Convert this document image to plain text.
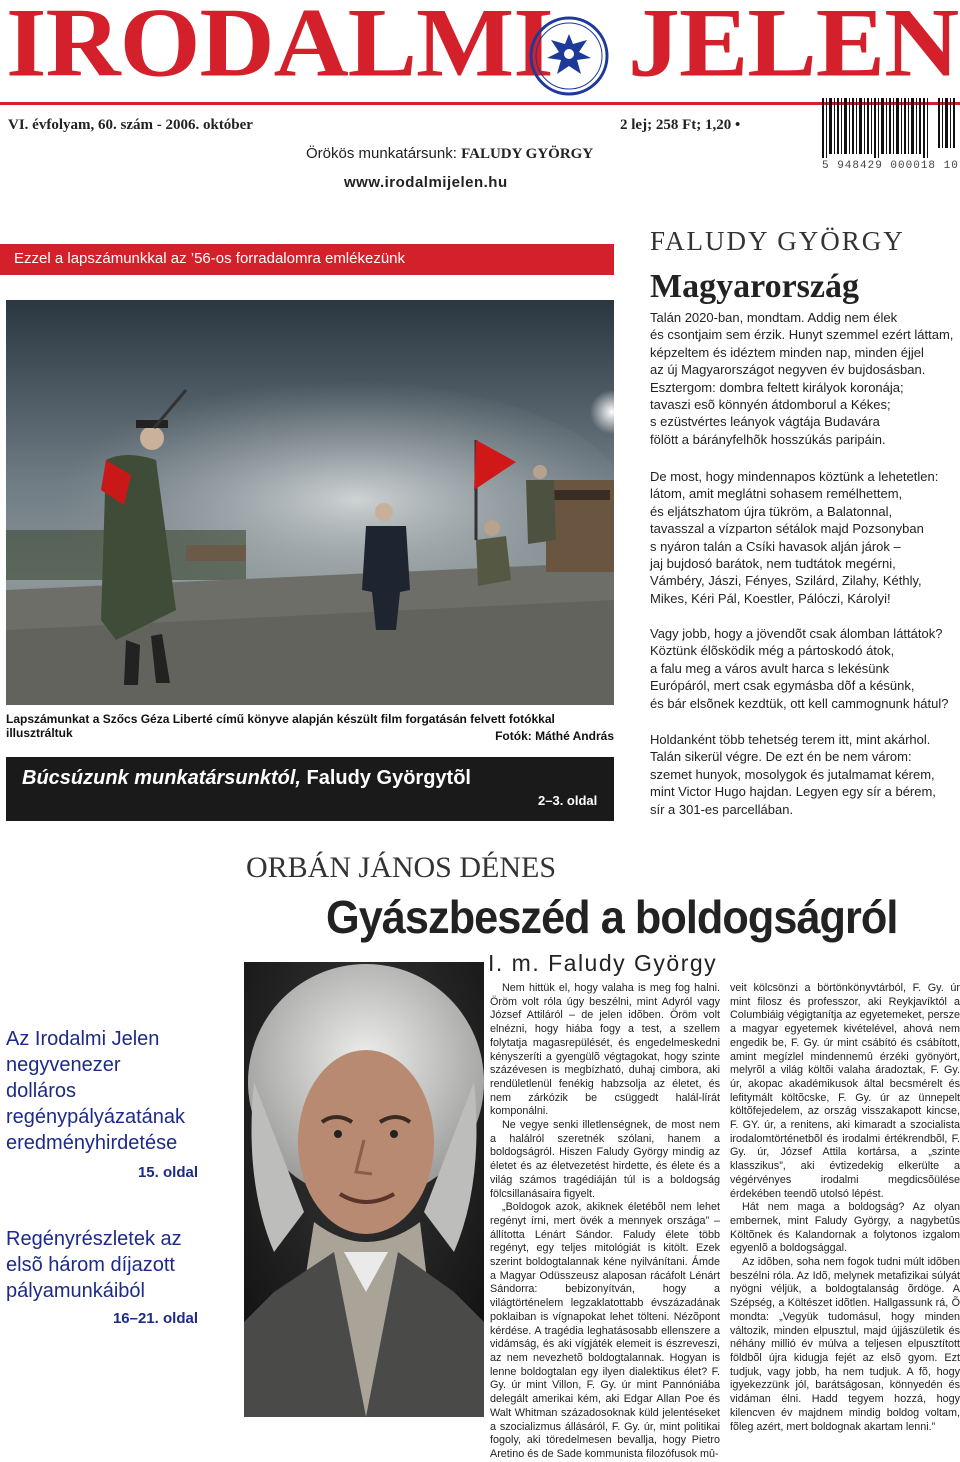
IRODALMI JELEN
VI. évfolyam, 60. szám - 2006. október	2 lej; 258 Ft; 1,20 •
Örökös munkatársunk: FALUDY GYÖRGY
www.irodalmijelen.hu
5 948429 000018 10
Ezzel a lapszámunkkal az ’56-os forradalomra emlékezünk
Lapszámunkat a Szőcs Géza Liberté című könyve alapján készült film forgatásán felvett fotókkal illusztráltuk	Fotók: Máthé András
Búcsúzunk munkatársunktól, Faludy Györgytõl
2–3. oldal
FALUDY GYÖRGY
Magyarország
Talán 2020-ban, mondtam. Addig nem élek
és csontjaim sem érzik. Hunyt szemmel ezért láttam,
képzeltem és idéztem minden nap, minden éjjel
az új Magyarországot negyven év bujdosásban.
Esztergom: dombra feltett királyok koronája;
tavaszi esõ könnyén átdomborul a Kékes;
s ezüstvértes leányok vágtája Budavára
fölött a bárányfelhõk hosszúkás paripáin.
De most, hogy mindennapos köztünk a lehetetlen:
látom, amit meglátni sohasem remélhettem,
és eljátszhatom újra tükröm, a Balatonnal,
tavasszal a vízparton sétálok majd Pozsonyban
s nyáron talán a Csíki havasok alján járok –
jaj bujdosó barátok, nem tudtátok megérni,
Vámbéry, Jászi, Fényes, Szilárd, Zilahy, Kéthly,
Mikes, Kéri Pál, Koestler, Pálóczi, Károlyi!
Vagy jobb, hogy a jövendõt csak álomban láttátok?
Köztünk élõsködik még a pártoskodó átok,
a falu meg a város avult harca s lekésünk
Európáról, mert csak egymásba dõf a késünk,
és bár elsõnek kezdtük, ott kell cammognunk hátul?
Holdanként több tehetség terem itt, mint akárhol.
Talán sikerül végre. De ezt én be nem várom:
szemet hunyok, mosolygok és jutalmamat kérem,
mint Victor Hugo hajdan. Legyen egy sír a bérem,
sír a 301-es parcellában.
ORBÁN JÁNOS DÉNES
Gyászbeszéd a boldogságról
I. m. Faludy György

Nem hittük el, hogy valaha is meg fog halni. Öröm volt róla úgy beszélni, mint Adyról vagy József Attiláról – de jelen idõben. Öröm volt elnézni, hogy hiába fogy a test, a szellem folytatja magasrepülését, és engedelmeskedni kényszeríti a gyengülõ végtagokat, hogy szinte százévesen is megbízható, duhaj cimbora, aki rendületlenül fenékig habzsolja az életet, és nem zárkózik be csüggedt halál-lírát komponálni.

Ne vegye senki illetlenségnek, de most nem a halálról szeretnék szólani, hanem a boldogságról. Hiszen Faludy György mindig az életet és az életvezetést hirdette, és élete és a világ számos tragédiáján túl is a boldogság fölcsillanásaira figyelt.

„Boldogok azok, akiknek életébõl nem lehet regényt írni, mert övék a mennyek országa” – állította Lénárt Sándor. Faludy élete több regényt, egy teljes mitológiát is kitölt. Ezek szerint boldogtalannak kéne nyilvánítani. Ámde a Magyar Odüsszeusz alaposan rácáfolt Lénárt Sándorra: bebizonyítván, hogy a világtörténelem legzaklatottabb évszázadának poklaiban is vígnapokat lehet tölteni. Nézõpont kérdése. A tragédia leghatásosabb ellenszere a vidámság, és aki vígjáték elemeit is észreveszi, az nem nevezhetõ boldogtalannak. Hogyan is lenne boldogtalan egy ilyen dialektikus élet? F. Gy. úr mint Villon, F. Gy. úr mint Pannóniába delegált amerikai kém, aki Edgar Allan Poe és Walt Whitman századosoknak küld jelentéseket a szocializmus állásáról, F. Gy. úr, mint politikai fogoly, aki töredelmesen bevallja, hogy Pietro Aretino és de Sade kommunista filozófusok mû-

veit kölcsönzi a börtönkönyvtárból, F. Gy. úr mint filosz és professzor, aki Reykjavíktól a Columbiáig végigtanítja az egyetemeket, persze a magyar egyetemek kivételével, ahová nem engedik be, F. Gy. úr mint csábító és csábított, amint megízlel mindennemû érzéki gyönyört, melyrõl a világ költõi valaha áradoztak, F. Gy. úr, akopac akadémikusok által becsmérelt és lefitymált költõcske, F. Gy. úr az ünnepelt költõfejedelem, az ország visszakapott kincse, F. GY. úr, a renitens, aki kimaradt a szocialista irodalomtörténetbõl és irodalmi értékrendbõl, F. Gy. úr, József Attila kortársa, a „szinte klasszikus”, aki évtizedekig elkerülte a végérvényes irodalmi megdicsõülése érdekében teendõ utolsó lépést.

Hát nem maga a boldogság? Az olyan embernek, mint Faludy György, a nagybetûs Költõnek és Kalandornak a folytonos izgalom egyenlõ a boldogsággal.

Az idõben, soha nem fogok tudni múlt idõben beszélni róla. Az Idõ, melynek metafizikai súlyát nyögni véljük, a boldogtalanság õrdöge. A Szépség, a Költészet idõtlen. Hallgassunk rá, Õ mondta: „Vegyük tudomásul, hogy minden változik, minden elpusztul, majd újjászületik és néhány millió év múlva a teljesen elpusztított földbõl újra kidugja fejét az elsõ gyom. Ezt tudjuk, vagy jobb, ha nem tudjuk. A fõ, hogy igyekezzünk jól, barátságosan, könnyedén és vidáman élni. Hadd tegyem hozzá, hogy kilencven év majdnem mindig boldog voltam, fõleg azért, mert boldognak akartam lenni.”

Az Irodalmi Jelen negyvenezer dolláros regénypályázatának eredményhirdetése
15. oldal
Regényrészletek az elsõ három díjazott pályamunkáiból
16–21. oldal
